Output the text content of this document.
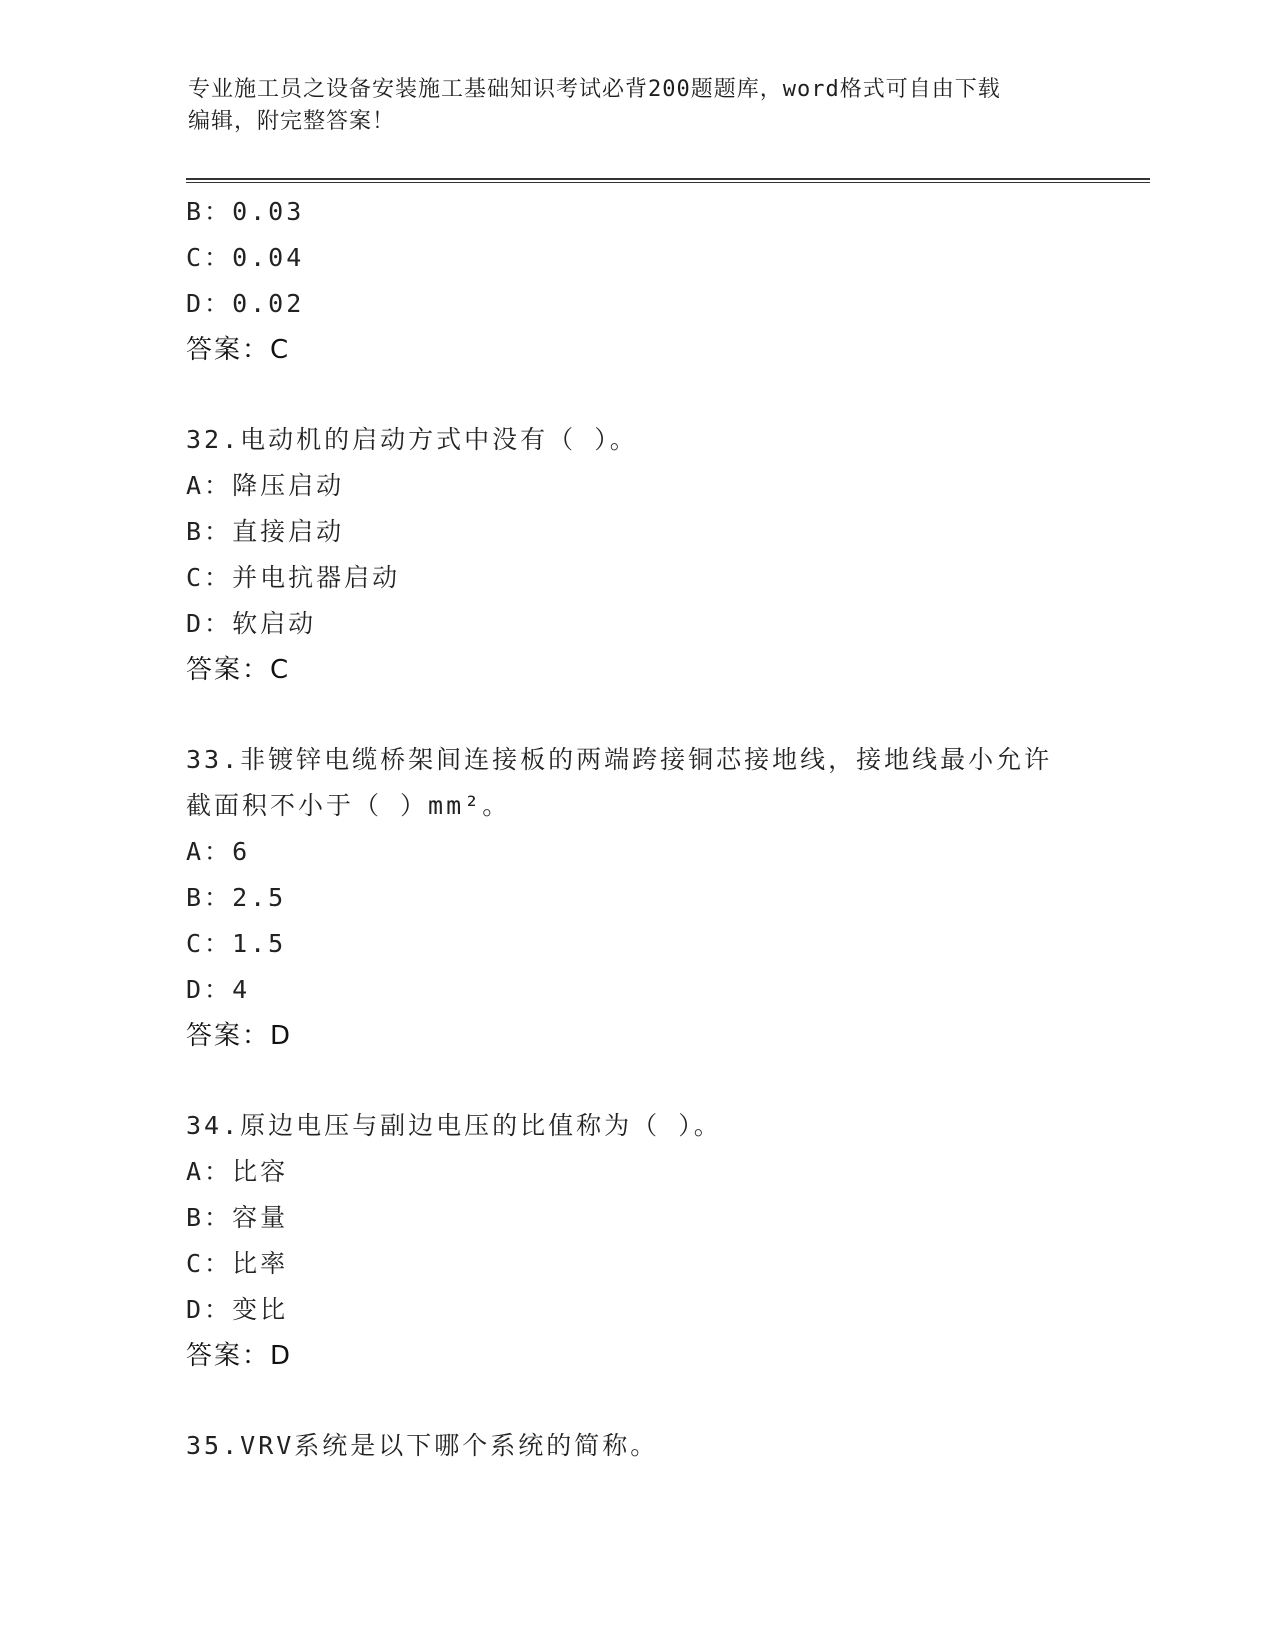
专业施工员之设备安装施工基础知识考试必背200题题库，word格式可自由下载
编辑，附完整答案！
B：0.03
C：0.04
D：0.02
答案：C
32.电动机的启动方式中没有（ ）。
A：降压启动
B：直接启动
C：并电抗器启动
D：软启动
答案：C
33.非镀锌电缆桥架间连接板的两端跨接铜芯接地线，接地线最小允许
截面积不小于（ ）mm²。
A：6
B：2.5
C：1.5
D：4
答案：D
34.原边电压与副边电压的比值称为（ ）。
A：比容
B：容量
C：比率
D：变比
答案：D
35.VRV系统是以下哪个系统的简称。
